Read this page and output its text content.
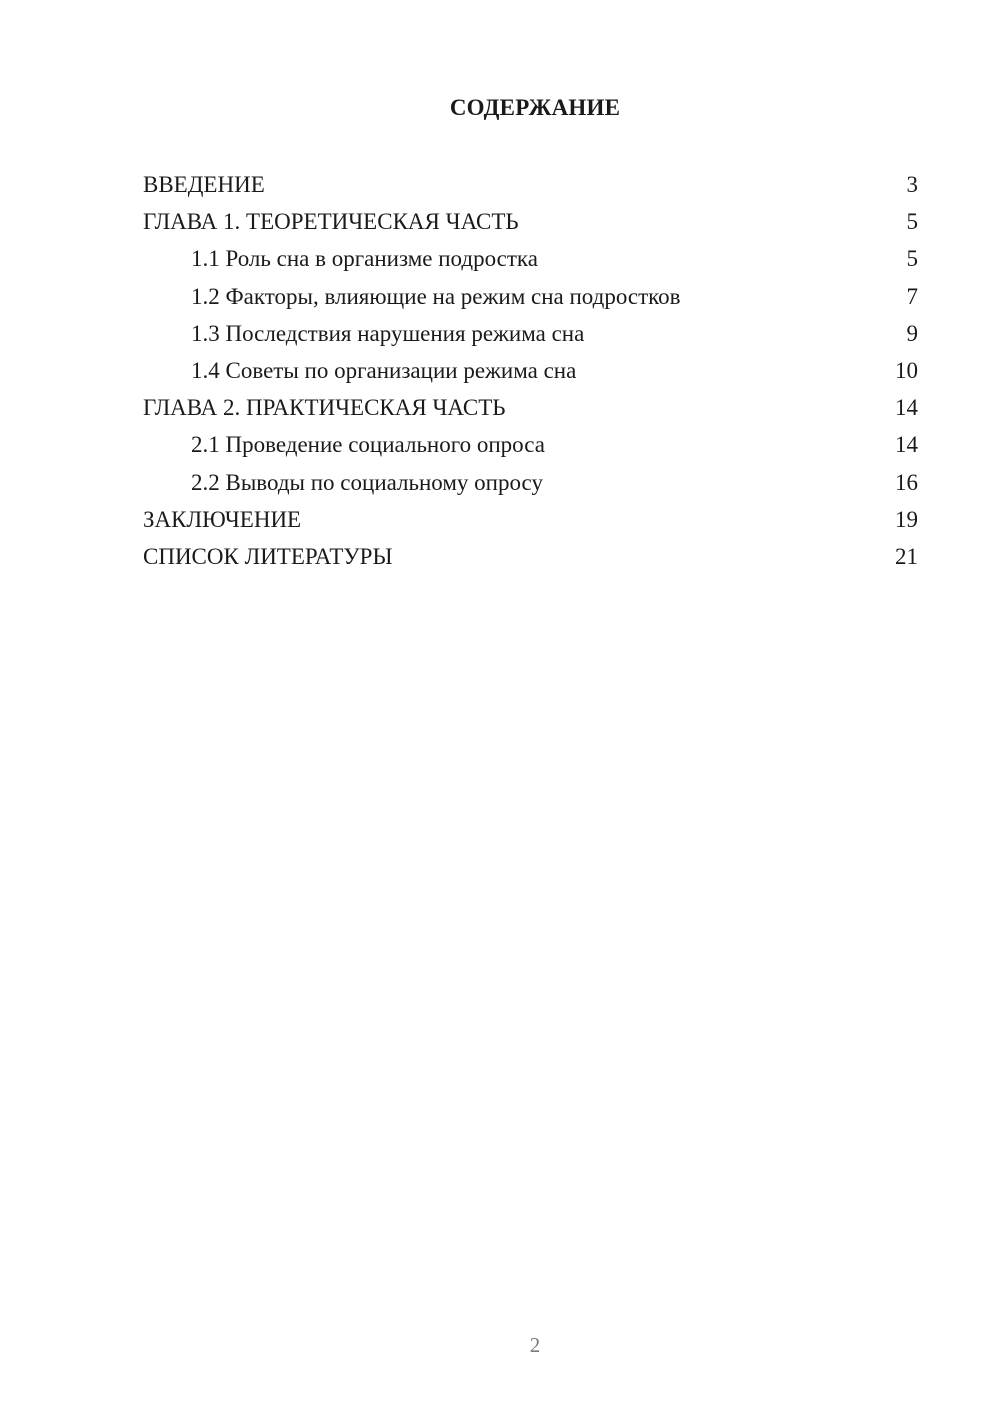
СОДЕРЖАНИЕ
ВВЕДЕНИЕ	3
ГЛАВА 1. ТЕОРЕТИЧЕСКАЯ ЧАСТЬ	5
1.1 Роль сна в организме подростка	5
1.2 Факторы, влияющие на режим сна подростков	7
1.3 Последствия нарушения режима сна	9
1.4 Советы по организации режима сна	10
ГЛАВА 2. ПРАКТИЧЕСКАЯ ЧАСТЬ	14
2.1 Проведение социального опроса	14
2.2 Выводы по социальному опросу	16
ЗАКЛЮЧЕНИЕ	19
СПИСОК ЛИТЕРАТУРЫ	21
2
